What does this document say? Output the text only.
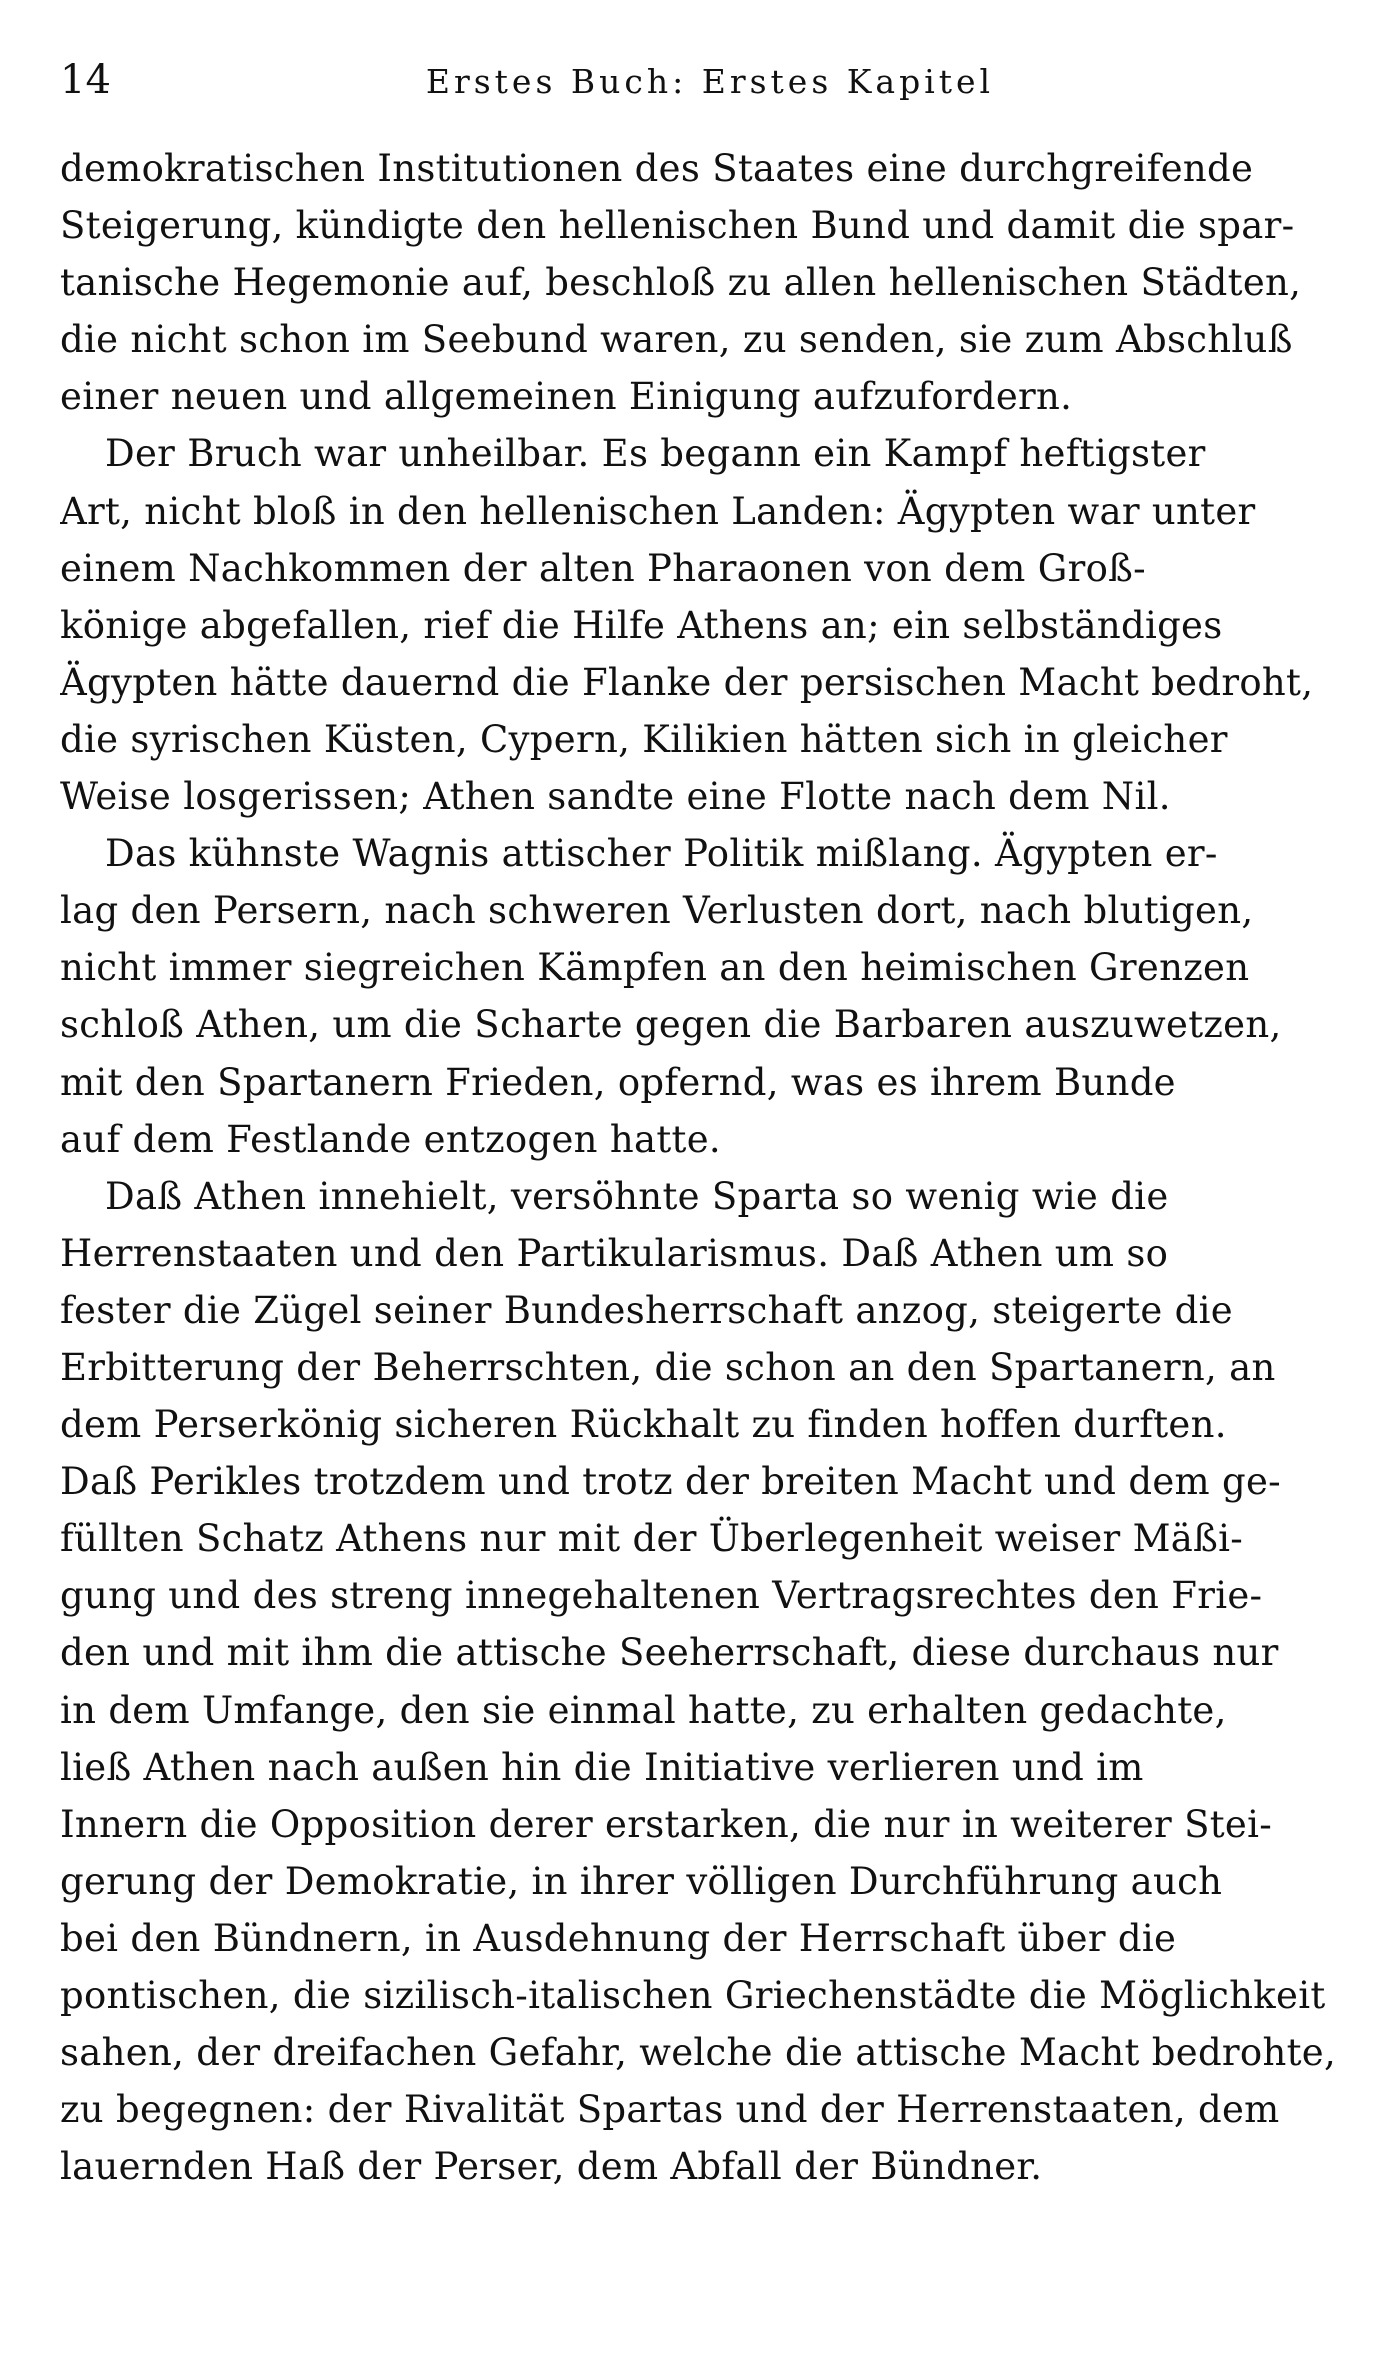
14	Erstes Buch: Erstes Kapitel
demokratischen Institutionen des Staates eine durchgreifende
Steigerung, kündigte den hellenischen Bund und damit die spar-
tanische Hegemonie auf, beschloß zu allen hellenischen Städten,
die nicht schon im Seebund waren, zu senden, sie zum Abschluß
einer neuen und allgemeinen Einigung aufzufordern.
Der Bruch war unheilbar. Es begann ein Kampf heftigster
Art, nicht bloß in den hellenischen Landen: Ägypten war unter
einem Nachkommen der alten Pharaonen von dem Groß-
könige abgefallen, rief die Hilfe Athens an; ein selbständiges
Ägypten hätte dauernd die Flanke der persischen Macht bedroht,
die syrischen Küsten, Cypern, Kilikien hätten sich in gleicher
Weise losgerissen; Athen sandte eine Flotte nach dem Nil.
Das kühnste Wagnis attischer Politik mißlang. Ägypten er-
lag den Persern, nach schweren Verlusten dort, nach blutigen,
nicht immer siegreichen Kämpfen an den heimischen Grenzen
schloß Athen, um die Scharte gegen die Barbaren auszuwetzen,
mit den Spartanern Frieden, opfernd, was es ihrem Bunde
auf dem Festlande entzogen hatte.
Daß Athen innehielt, versöhnte Sparta so wenig wie die
Herrenstaaten und den Partikularismus. Daß Athen um so
fester die Zügel seiner Bundesherrschaft anzog, steigerte die
Erbitterung der Beherrschten, die schon an den Spartanern, an
dem Perserkönig sicheren Rückhalt zu finden hoffen durften.
Daß Perikles trotzdem und trotz der breiten Macht und dem ge-
füllten Schatz Athens nur mit der Überlegenheit weiser Mäßi-
gung und des streng innegehaltenen Vertragsrechtes den Frie-
den und mit ihm die attische Seeherrschaft, diese durchaus nur
in dem Umfange, den sie einmal hatte, zu erhalten gedachte,
ließ Athen nach außen hin die Initiative verlieren und im
Innern die Opposition derer erstarken, die nur in weiterer Stei-
gerung der Demokratie, in ihrer völligen Durchführung auch
bei den Bündnern, in Ausdehnung der Herrschaft über die
pontischen, die sizilisch-italischen Griechenstädte die Möglichkeit
sahen, der dreifachen Gefahr, welche die attische Macht bedrohte,
zu begegnen: der Rivalität Spartas und der Herrenstaaten, dem
lauernden Haß der Perser, dem Abfall der Bündner.
